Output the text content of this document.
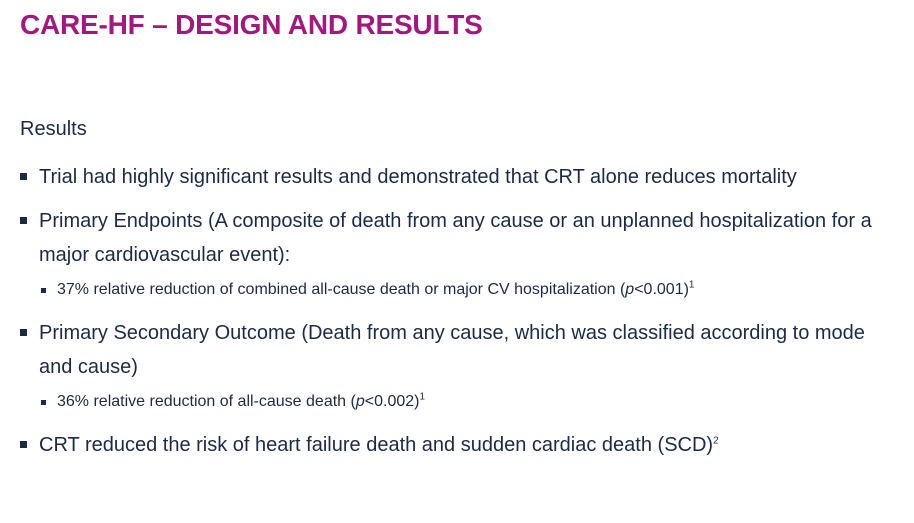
CARE-HF – DESIGN AND RESULTS
Results
Trial had highly significant results and demonstrated that CRT alone reduces mortality
Primary Endpoints (A composite of death from any cause or an unplanned hospitalization for a major cardiovascular event):
37% relative reduction of combined all-cause death or major CV hospitalization (p<0.001)$^1$
Primary Secondary Outcome (Death from any cause, which was classified according to mode and cause)
36% relative reduction of all-cause death (p<0.002)$^1$
CRT reduced the risk of heart failure death and sudden cardiac death (SCD)$^2$
